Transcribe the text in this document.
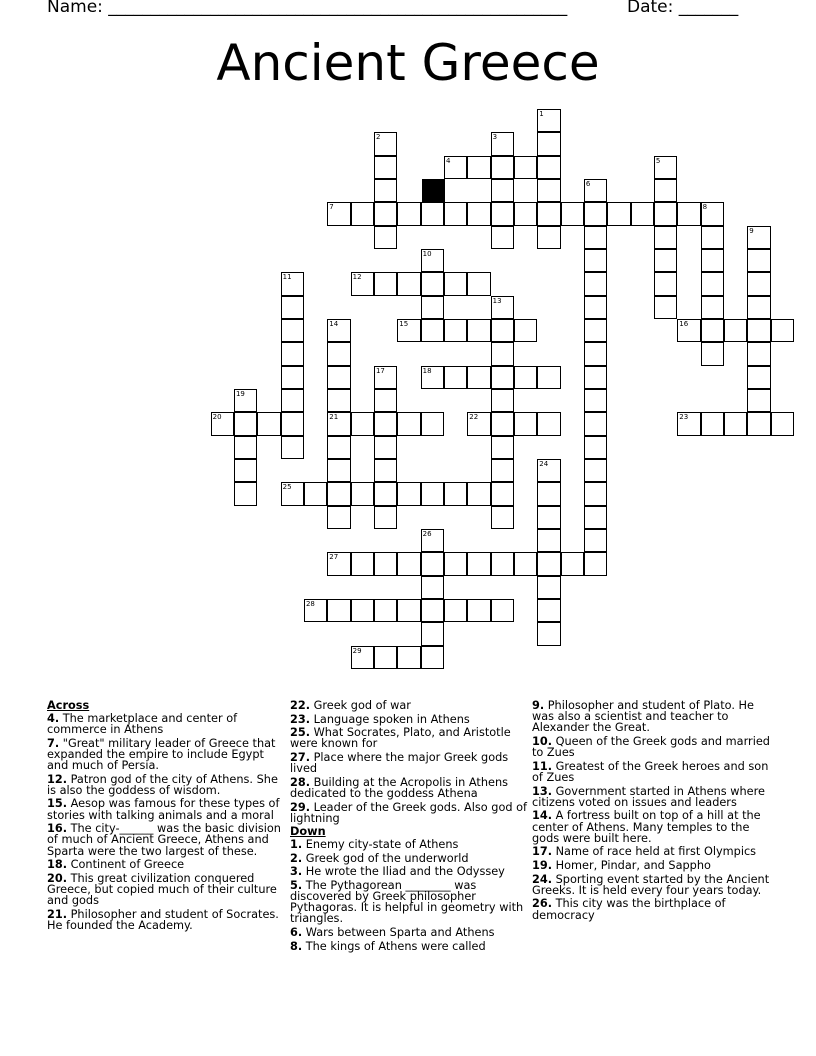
Name: ______________________________________________________	Date: _______
Ancient Greece
1
2	3
4	5
6
7	8
9
10
11	12
13
14
21
15	16
17	18
19
20	22	23
24
25
26
27
28
29
Across
4. The marketplace and center of commerce in Athens
7. "Great" military leader of Greece that expanded the empire to include Egypt and much of Persia.
12. Patron god of the city of Athens. She is also the goddess of wisdom.
15. Aesop was famous for these types of stories with talking animals and a moral
16. The city-______ was the basic division of much of Ancient Greece, Athens and Sparta were the two largest of these.
18. Continent of Greece
20. This great civilization conquered Greece, but copied much of their culture and gods
21. Philosopher and student of Socrates. He founded the Academy.
22. Greek god of war
23. Language spoken in Athens
25. What Socrates, Plato, and Aristotle were known for
27. Place where the major Greek gods lived
28. Building at the Acropolis in Athens dedicated to the goddess Athena
29. Leader of the Greek gods. Also god of lightning
Down
1. Enemy city-state of Athens
2. Greek god of the underworld
3. He wrote the Iliad and the Odyssey
5. The Pythagorean ________ was discovered by Greek philosopher Pythagoras. It is helpful in geometry with triangles.
6. Wars between Sparta and Athens
8. The kings of Athens were called
9. Philosopher and student of Plato. He was also a scientist and teacher to Alexander the Great.
10. Queen of the Greek gods and married to Zues
11. Greatest of the Greek heroes and son of Zues
13. Government started in Athens where citizens voted on issues and leaders
14. A fortress built on top of a hill at the center of Athens. Many temples to the gods were built here.
17. Name of race held at first Olympics
19. Homer, Pindar, and Sappho
24. Sporting event started by the Ancient Greeks. It is held every four years today.
26. This city was the birthplace of democracy
